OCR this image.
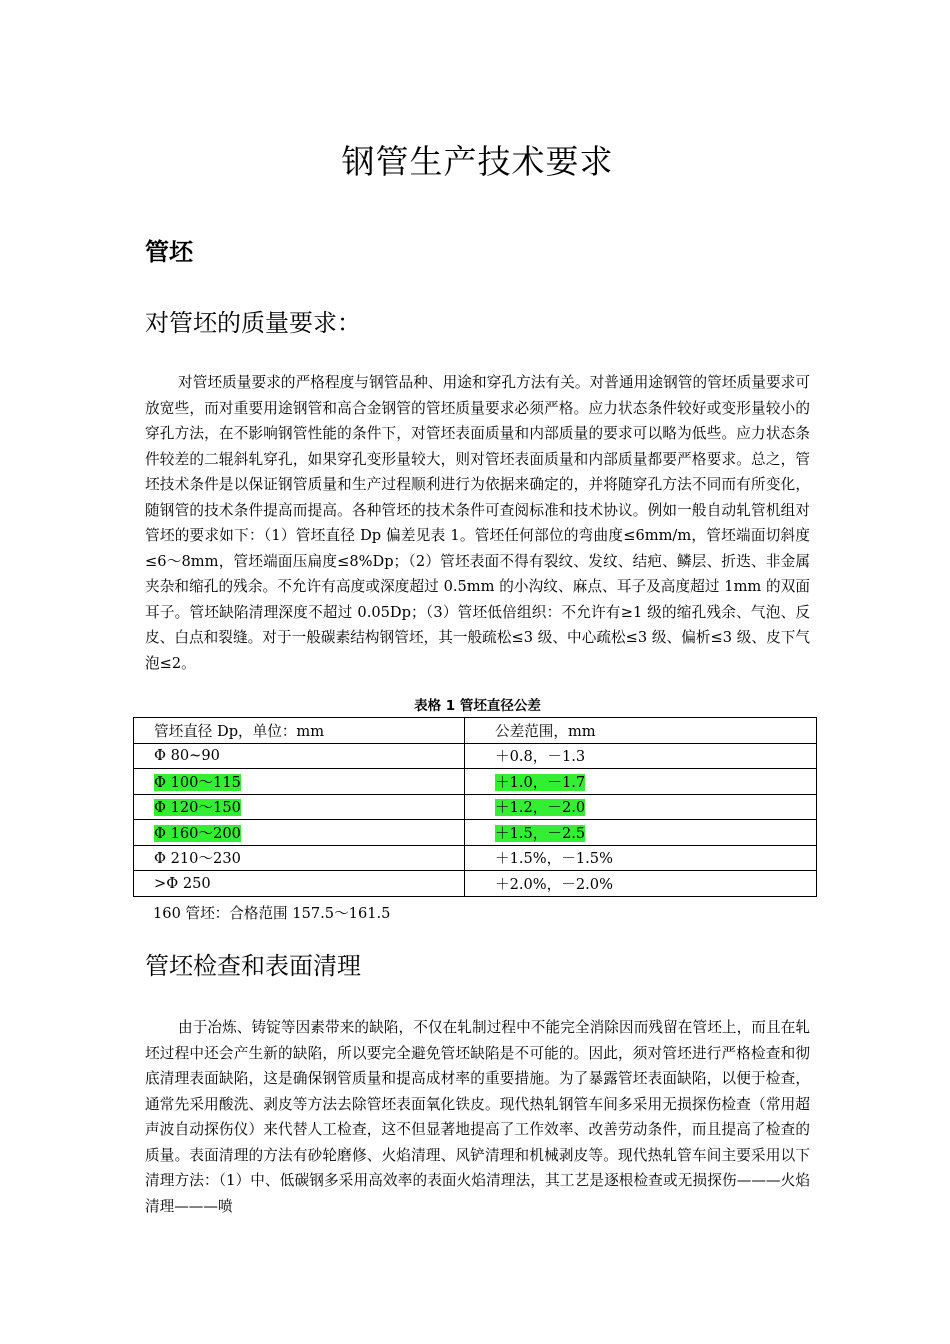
钢管生产技术要求
管坯
对管坯的质量要求：

对管坯质量要求的严格程度与钢管品种、用途和穿孔方法有关。对普通用途钢管的管坯质量要求可放宽些，而对重要用途钢管和高合金钢管的管坯质量要求必须严格。应力状态条件较好或变形量较小的穿孔方法，在不影响钢管性能的条件下，对管坯表面质量和内部质量的要求可以略为低些。应力状态条件较差的二辊斜轧穿孔，如果穿孔变形量较大，则对管坯表面质量和内部质量都要严格要求。总之，管坯技术条件是以保证钢管质量和生产过程顺利进行为依据来确定的，并将随穿孔方法不同而有所变化，随钢管的技术条件提高而提高。各种管坯的技术条件可查阅标准和技术协议。例如一般自动轧管机组对管坯的要求如下：（1）管坯直径 Dp 偏差见表 1。管坯任何部位的弯曲度≤6mm/m，管坯端面切斜度≤6～8mm，管坯端面压扁度≤8%Dp；（2）管坯表面不得有裂纹、发纹、结疤、鳞层、折迭、非金属夹杂和缩孔的残余。不允许有高度或深度超过 0.5mm 的小沟纹、麻点、耳子及高度超过 1mm 的双面耳子。管坯缺陷清理深度不超过 0.05Dp；（3）管坯低倍组织：不允许有≥1 级的缩孔残余、气泡、反皮、白点和裂缝。对于一般碳素结构钢管坯，其一般疏松≤3 级、中心疏松≤3 级、偏析≤3 级、皮下气泡≤2。

表格 1 管坯直径公差

管坯直径 Dp，单位：mm	公差范围，mm
Φ 80~90	＋0.8，－1.3
Φ 100～115	＋1.0，－1.7
Φ 120～150	＋1.2，－2.0
Φ 160～200	＋1.5，－2.5
Φ 210～230	＋1.5%，－1.5%
>Φ 250	＋2.0%，－2.0%

160 管坯：合格范围 157.5～161.5

管坯检查和表面清理

由于冶炼、铸锭等因素带来的缺陷，不仅在轧制过程中不能完全消除因而残留在管坯上，而且在轧坯过程中还会产生新的缺陷，所以要完全避免管坯缺陷是不可能的。因此，须对管坯进行严格检查和彻底清理表面缺陷，这是确保钢管质量和提高成材率的重要措施。为了暴露管坯表面缺陷，以便于检查，通常先采用酸洗、剥皮等方法去除管坯表面氧化铁皮。现代热轧钢管车间多采用无损探伤检查（常用超声波自动探伤仪）来代替人工检查，这不但显著地提高了工作效率、改善劳动条件，而且提高了检查的质量。表面清理的方法有砂轮磨修、火焰清理、风铲清理和机械剥皮等。现代热轧管车间主要采用以下清理方法：（1）中、低碳钢多采用高效率的表面火焰清理法，其工艺是逐根检查或无损探伤———火焰清理———喷
